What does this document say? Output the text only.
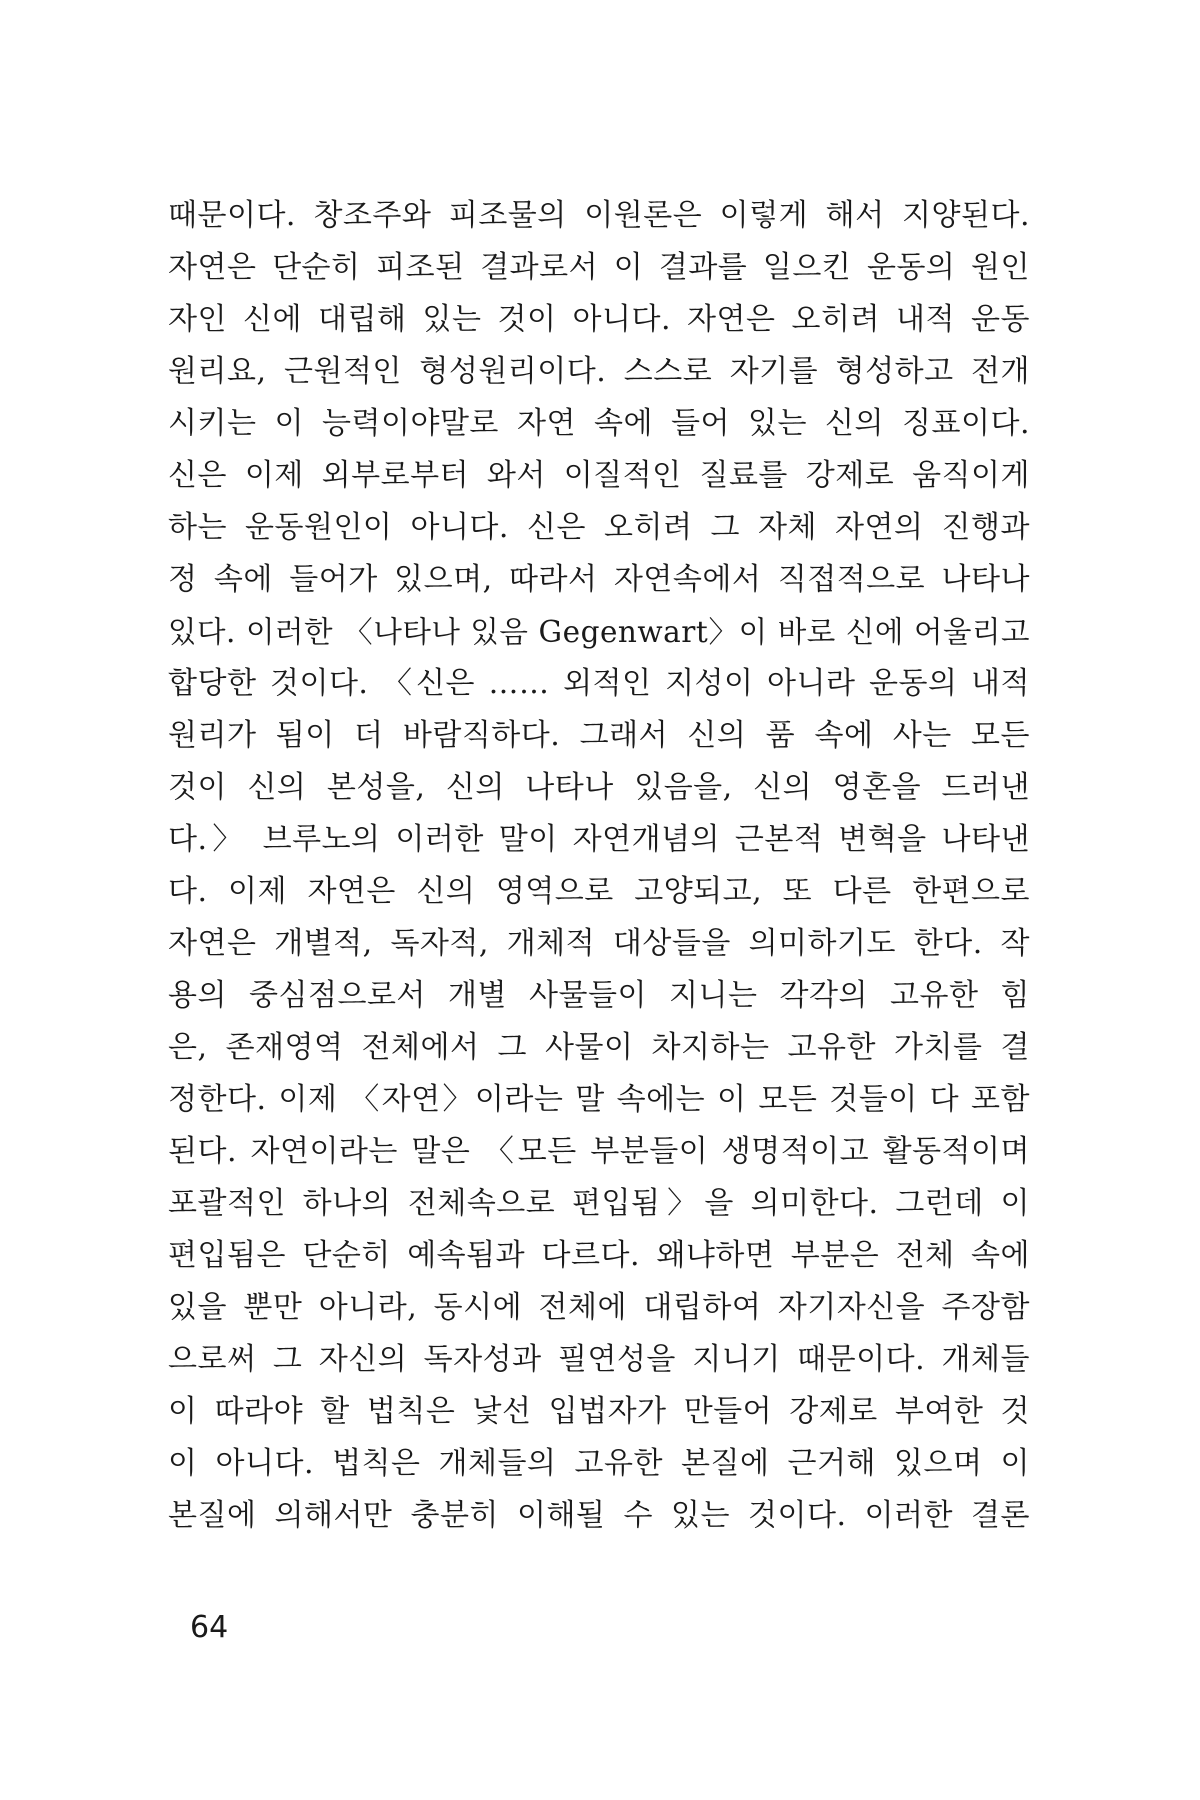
때문이다. 창조주와 피조물의 이원론은 이렇게 해서 지양된다.
자연은 단순히 피조된 결과로서 이 결과를 일으킨 운동의 원인
자인 신에 대립해 있는 것이 아니다. 자연은 오히려 내적 운동
원리요, 근원적인 형성원리이다. 스스로 자기를 형성하고 전개
시키는 이 능력이야말로 자연 속에 들어 있는 신의 징표이다.
신은 이제 외부로부터 와서 이질적인 질료를 강제로 움직이게
하는 운동원인이 아니다. 신은 오히려 그 자체 자연의 진행과
정 속에 들어가 있으며, 따라서 자연속에서 직접적으로 나타나
있다. 이러한 〈나타나 있음 Gegenwart〉이 바로 신에 어울리고
합당한 것이다. 〈신은 …… 외적인 지성이 아니라 운동의 내적
원리가 됨이 더 바람직하다. 그래서 신의 품 속에 사는 모든
것이 신의 본성을, 신의 나타나 있음을, 신의 영혼을 드러낸
다.〉 브루노의 이러한 말이 자연개념의 근본적 변혁을 나타낸
다. 이제 자연은 신의 영역으로 고양되고, 또 다른 한편으로
자연은 개별적, 독자적, 개체적 대상들을 의미하기도 한다. 작
용의 중심점으로서 개별 사물들이 지니는 각각의 고유한 힘
은, 존재영역 전체에서 그 사물이 차지하는 고유한 가치를 결
정한다. 이제 〈자연〉이라는 말 속에는 이 모든 것들이 다 포함
된다. 자연이라는 말은 〈모든 부분들이 생명적이고 활동적이며
포괄적인 하나의 전체속으로 편입됨〉을 의미한다. 그런데 이
편입됨은 단순히 예속됨과 다르다. 왜냐하면 부분은 전체 속에
있을 뿐만 아니라, 동시에 전체에 대립하여 자기자신을 주장함
으로써 그 자신의 독자성과 필연성을 지니기 때문이다. 개체들
이 따라야 할 법칙은 낯선 입법자가 만들어 강제로 부여한 것
이 아니다. 법칙은 개체들의 고유한 본질에 근거해 있으며 이
본질에 의해서만 충분히 이해될 수 있는 것이다. 이러한 결론
64
